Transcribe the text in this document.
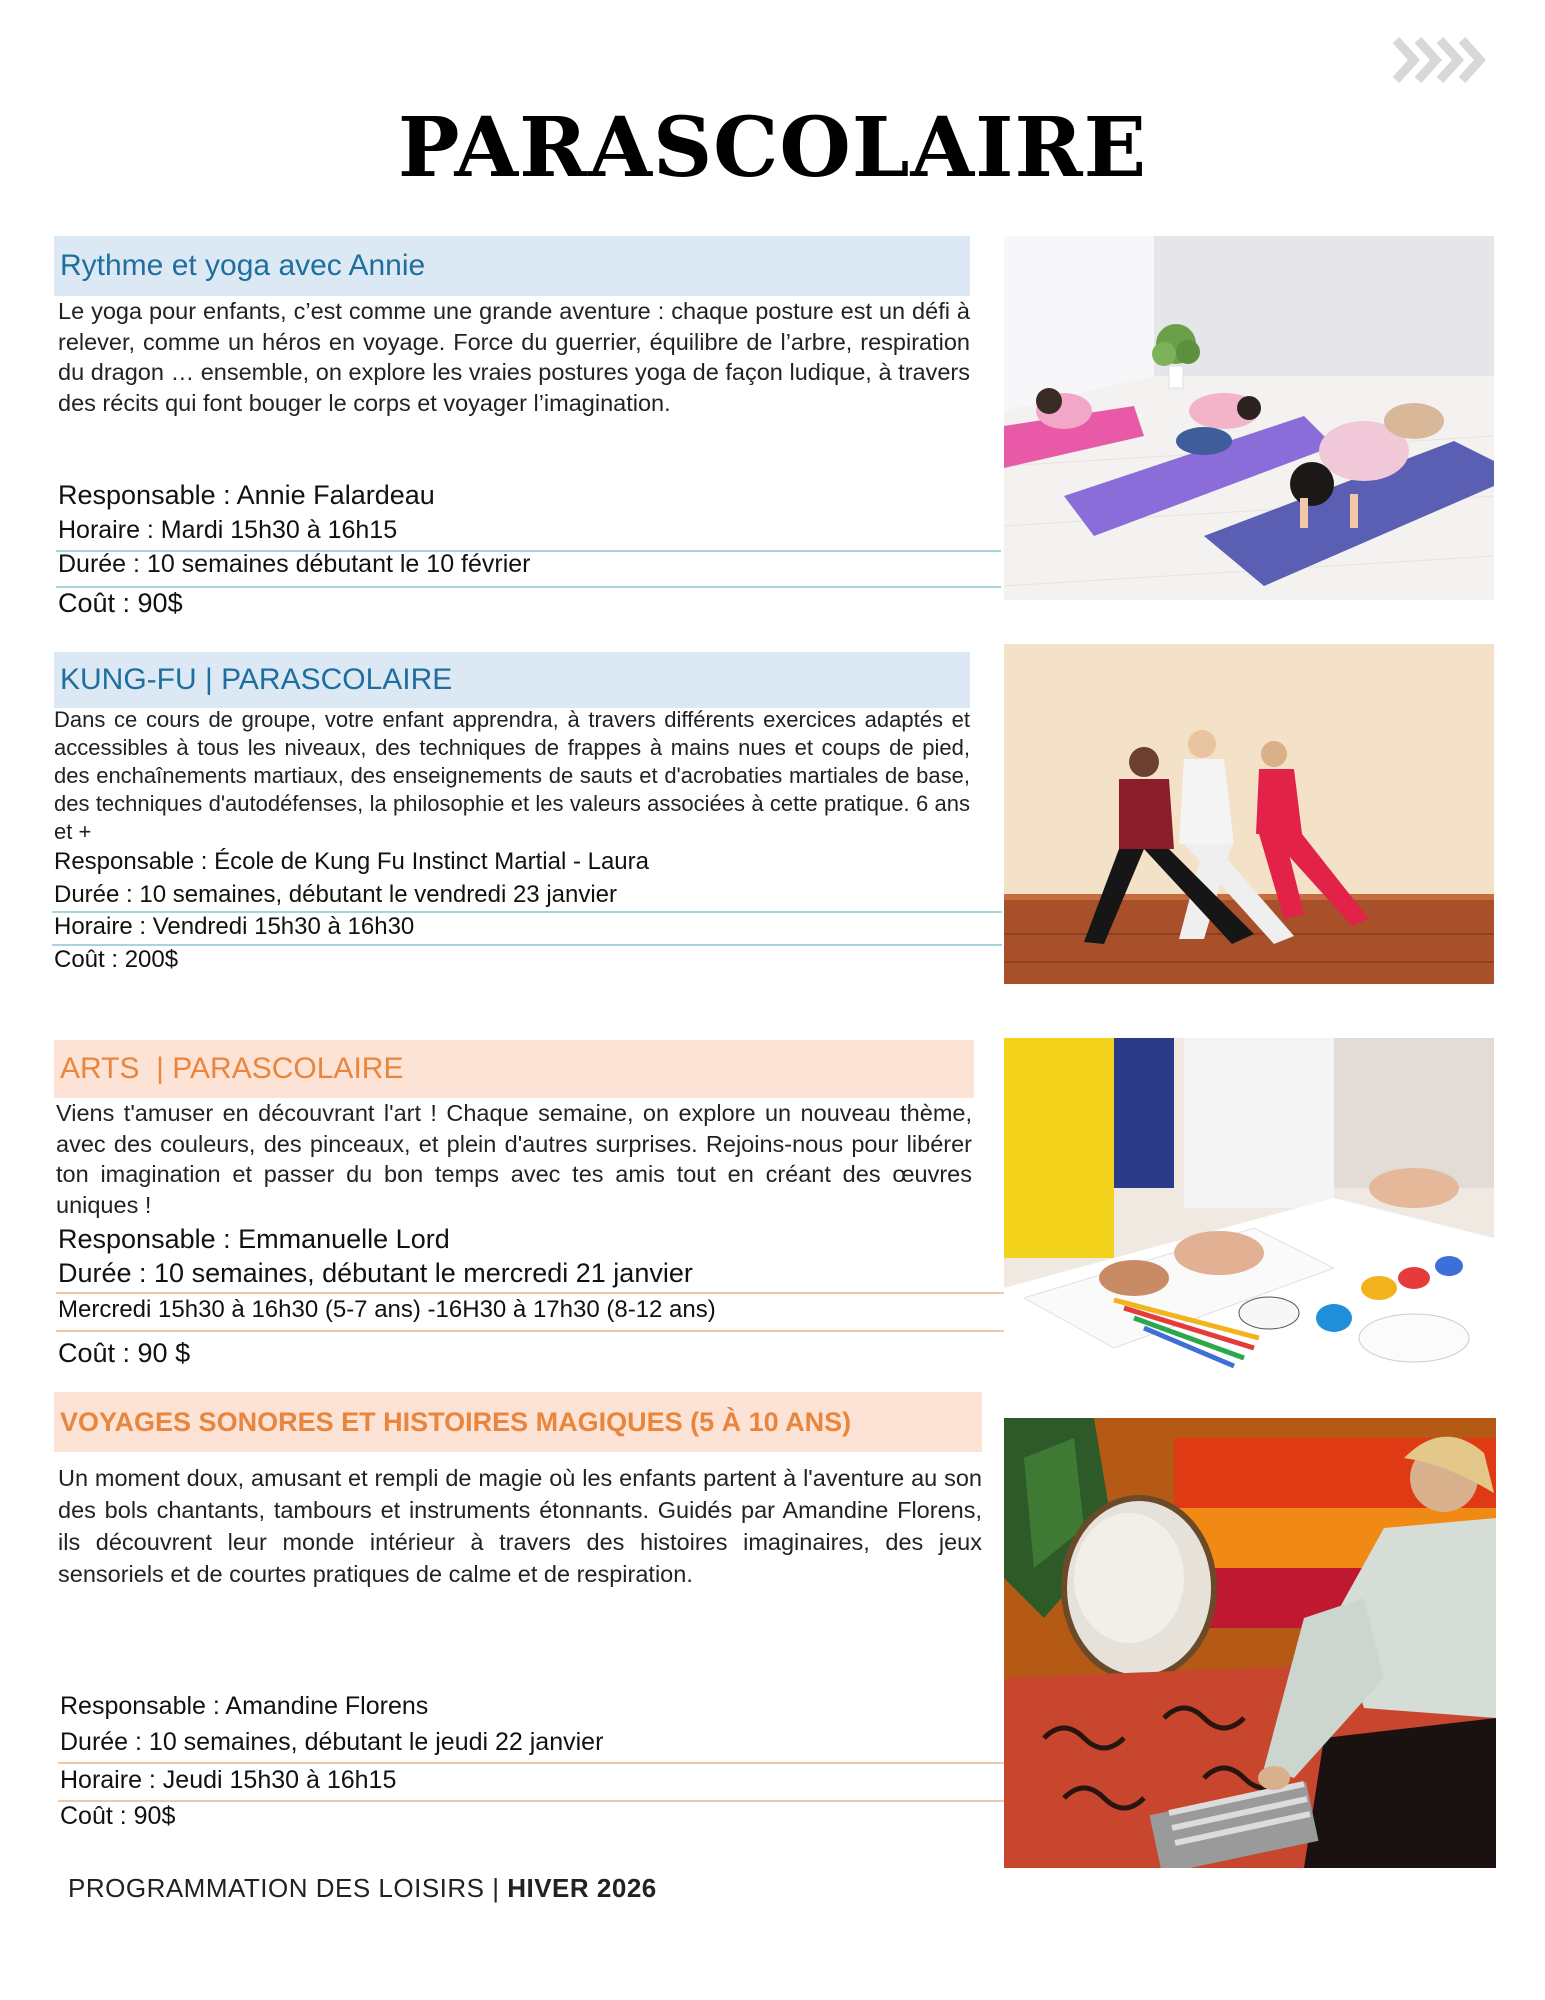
PARASCOLAIRE
Rythme et yoga avec Annie

Le yoga pour enfants, c’est comme une grande aventure : chaque posture est un défi à relever, comme un héros en voyage. Force du guerrier, équilibre de l’arbre, respiration du dragon … ensemble, on explore les vraies postures yoga de façon ludique, à travers des récits qui font bouger le corps et voyager l’imagination.

Responsable : Annie Falardeau
Horaire : Mardi 15h30 à 16h15
Durée : 10 semaines débutant le 10 février
Coût : 90$
KUNG-FU | PARASCOLAIRE

Dans ce cours de groupe, votre enfant apprendra, à travers différents exercices adaptés et accessibles à tous les niveaux, des techniques de frappes à mains nues et coups de pied, des enchaînements martiaux, des enseignements de sauts et d'acrobaties martiales de base, des techniques d'autodéfenses, la philosophie et les valeurs associées à cette pratique. 6 ans et +

Responsable : École de Kung Fu Instinct Martial - Laura
Durée : 10 semaines, débutant le vendredi 23 janvier
Horaire : Vendredi 15h30 à 16h30
Coût : 200$
ARTS  | PARASCOLAIRE

Viens t'amuser en découvrant l'art ! Chaque semaine, on explore un nouveau thème, avec des couleurs, des pinceaux, et plein d'autres surprises. Rejoins-nous pour libérer ton imagination et passer du bon temps avec tes amis tout en créant des œuvres uniques !

Responsable : Emmanuelle Lord
Durée : 10 semaines, débutant le mercredi 21 janvier
Mercredi 15h30 à 16h30 (5-7 ans) -16H30 à 17h30 (8-12 ans)
Coût : 90 $
VOYAGES SONORES ET HISTOIRES MAGIQUES (5 À 10 ANS)

Un moment doux, amusant et rempli de magie où les enfants partent à l'aventure au son des bols chantants, tambours et instruments étonnants. Guidés par Amandine Florens, ils découvrent leur monde intérieur à travers des histoires imaginaires, des jeux sensoriels et de courtes pratiques de calme et de respiration.

Responsable : Amandine Florens
Durée : 10 semaines, débutant le jeudi 22 janvier
Horaire : Jeudi 15h30 à 16h15
Coût : 90$
PROGRAMMATION DES LOISIRS | HIVER 2026
